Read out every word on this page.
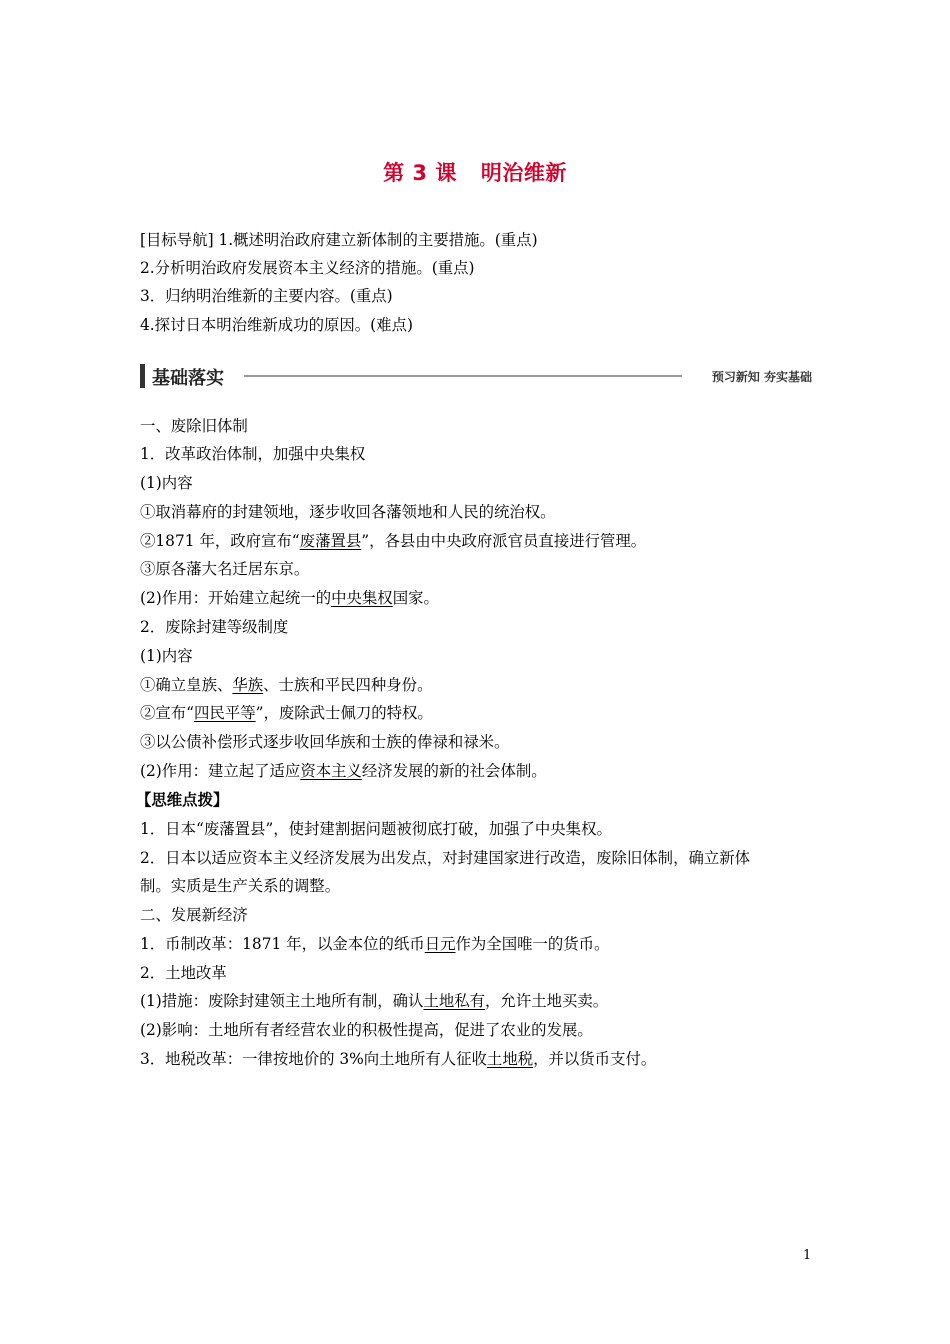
第 3 课 明治维新
[目标导航] 1.概述明治政府建立新体制的主要措施。(重点)
2.分析明治政府发展资本主义经济的措施。(重点)
3．归纳明治维新的主要内容。(重点)
4.探讨日本明治维新成功的原因。(难点)
基础落实	预习新知 夯实基础
一、废除旧体制
1．改革政治体制，加强中央集权
(1)内容
①取消幕府的封建领地，逐步收回各藩领地和人民的统治权。
②1871 年，政府宣布“废藩置县”，各县由中央政府派官员直接进行管理。
③原各藩大名迁居东京。
(2)作用：开始建立起统一的中央集权国家。
2．废除封建等级制度
(1)内容
①确立皇族、华族、士族和平民四种身份。
②宣布“四民平等”，废除武士佩刀的特权。
③以公债补偿形式逐步收回华族和士族的俸禄和禄米。
(2)作用：建立起了适应资本主义经济发展的新的社会体制。
【思维点拨】
1．日本“废藩置县”，使封建割据问题被彻底打破，加强了中央集权。
2．日本以适应资本主义经济发展为出发点，对封建国家进行改造，废除旧体制，确立新体
制。实质是生产关系的调整。
二、发展新经济
1．币制改革：1871 年，以金本位的纸币日元作为全国唯一的货币。
2．土地改革
(1)措施：废除封建领主土地所有制，确认土地私有，允许土地买卖。
(2)影响：土地所有者经营农业的积极性提高，促进了农业的发展。
3．地税改革：一律按地价的 3%向土地所有人征收土地税，并以货币支付。
1
